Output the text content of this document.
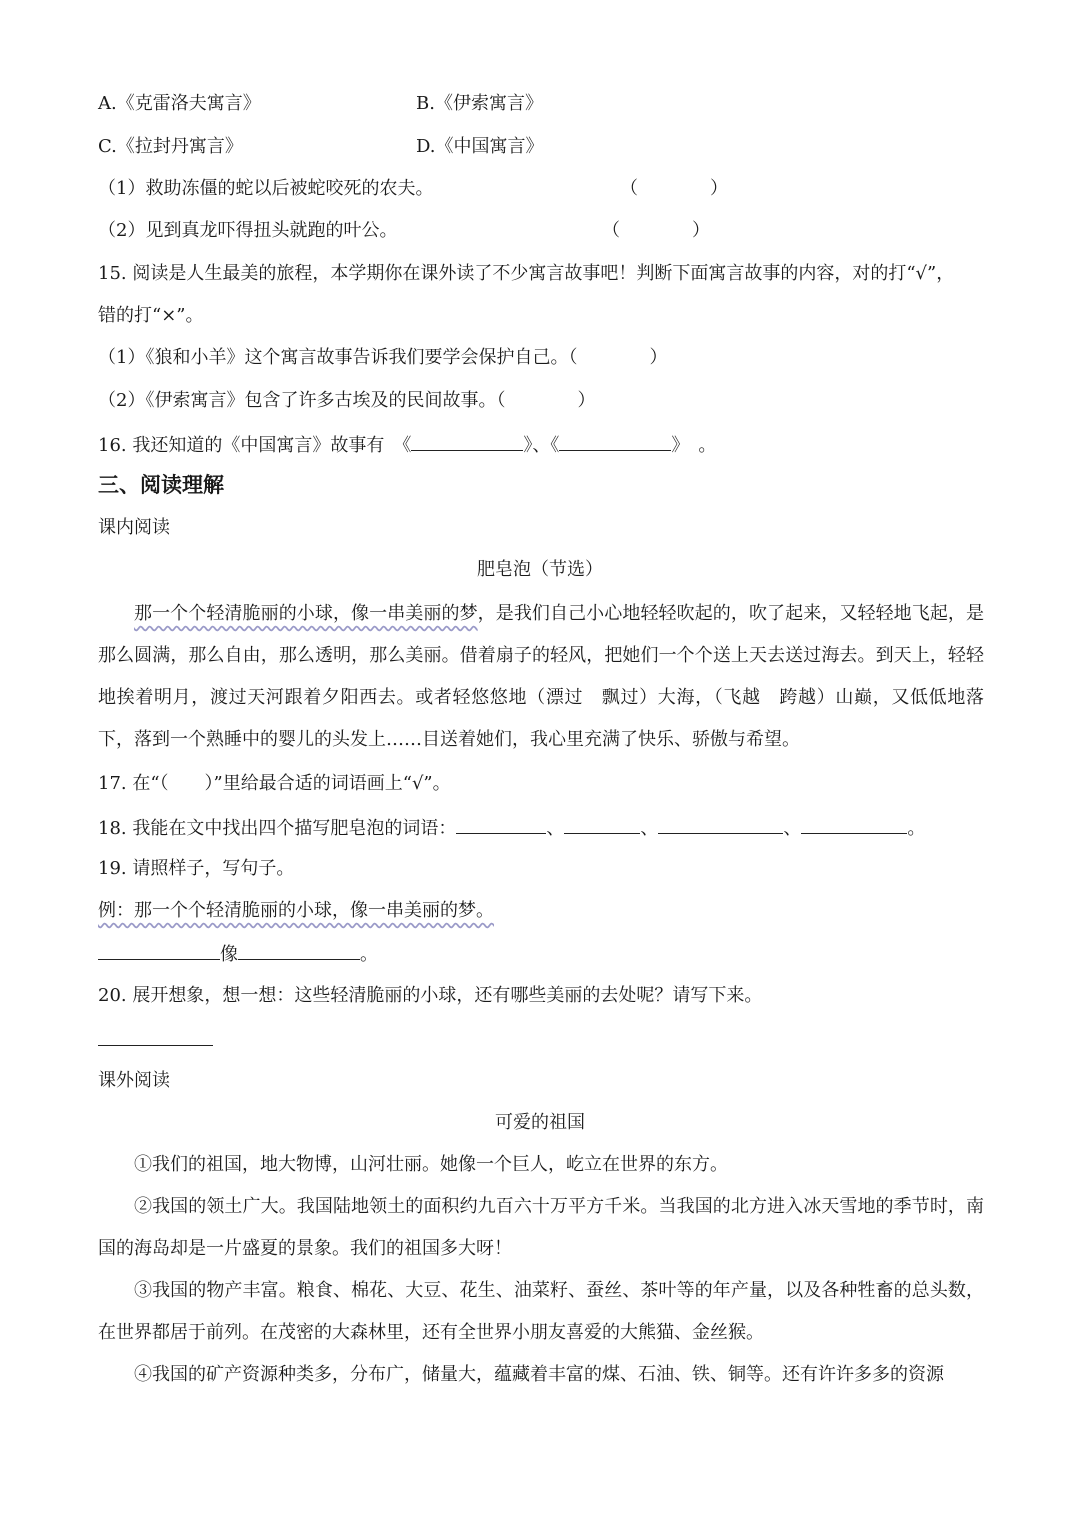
A.《克雷洛夫寓言》	B.《伊索寓言》
C.《拉封丹寓言》	D.《中国寓言》
（1）救助冻僵的蛇以后被蛇咬死的农夫。	（　　　　）
（2）见到真龙吓得扭头就跑的叶公。	（　　　　）
15. 阅读是人生最美的旅程，本学期你在课外读了不少寓言故事吧！判断下面寓言故事的内容，对的打“√”，
错的打“×”。
（1）《狼和小羊》这个寓言故事告诉我们要学会保护自己。（　　　　）
（2）《伊索寓言》包含了许多古埃及的民间故事。（　　　　）
16. 我还知道的《中国寓言》故事有　《	》、《	》　。
三、阅读理解
课内阅读
肥皂泡（节选）
那一个个轻清脆丽的小球，像一串美丽的梦，是我们自己小心地轻轻吹起的，吹了起来，又轻轻地飞起，是那么圆满，那么自由，那么透明，那么美丽。借着扇子的轻风，把她们一个个送上天去送过海去。到天上，轻轻地挨着明月，渡过天河跟着夕阳西去。或者轻悠悠地（漂过　飘过）大海，（飞越　跨越）山巅，又低低地落下，落到一个熟睡中的婴儿的头发上……目送着她们，我心里充满了快乐、骄傲与希望。
17. 在“（　　）”里给最合适的词语画上“√”。
18. 我能在文中找出四个描写肥皂泡的词语：	、	、	、	。
19. 请照样子，写句子。
例：那一个个轻清脆丽的小球，像一串美丽的梦。
像	。
20. 展开想象，想一想：这些轻清脆丽的小球，还有哪些美丽的去处呢？请写下来。
课外阅读
可爱的祖国
①我们的祖国，地大物博，山河壮丽。她像一个巨人，屹立在世界的东方。
②我国的领土广大。我国陆地领土的面积约九百六十万平方千米。当我国的北方进入冰天雪地的季节时，南国的海岛却是一片盛夏的景象。我们的祖国多大呀！
③我国的物产丰富。粮食、棉花、大豆、花生、油菜籽、蚕丝、茶叶等的年产量，以及各种牲畜的总头数，在世界都居于前列。在茂密的大森林里，还有全世界小朋友喜爱的大熊猫、金丝猴。
④我国的矿产资源种类多，分布广，储量大，蕴藏着丰富的煤、石油、铁、铜等。还有许许多多的资源
